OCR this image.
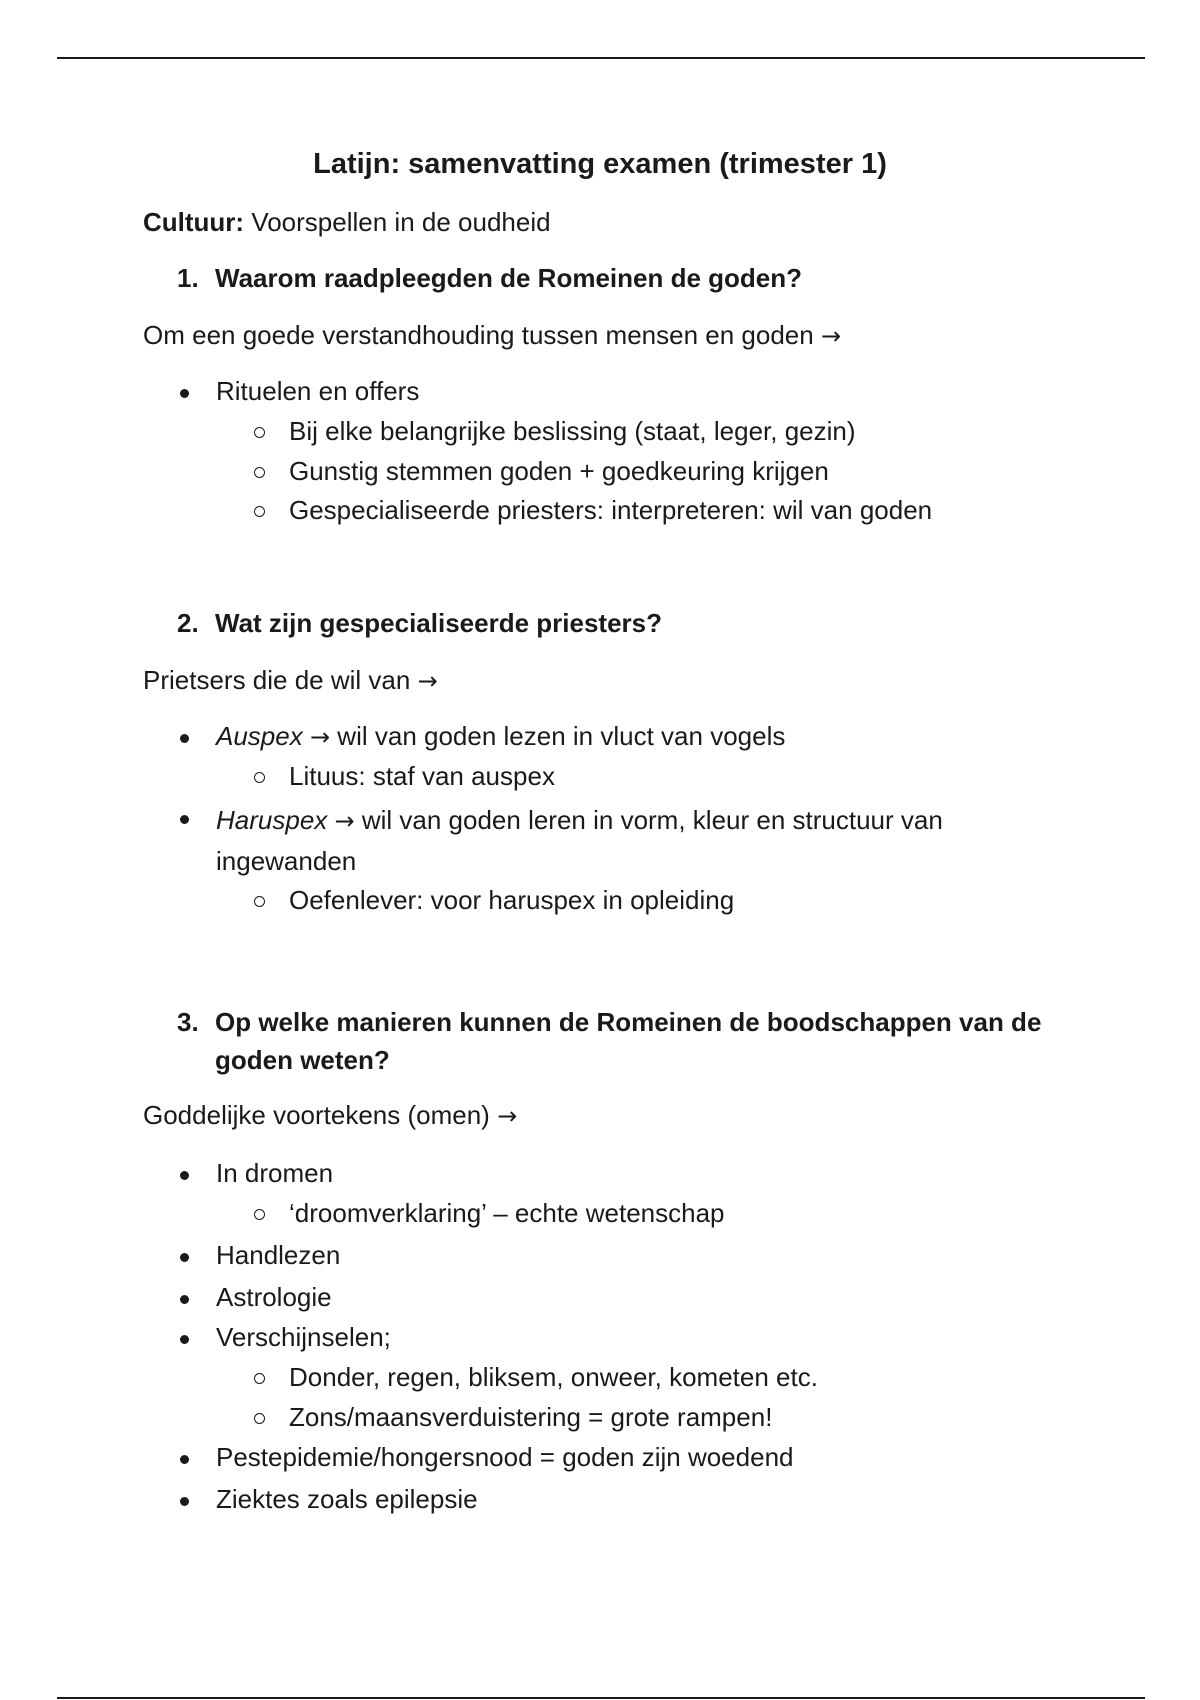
Latijn: samenvatting examen (trimester 1)
Cultuur: Voorspellen in de oudheid
1. Waarom raadpleegden de Romeinen de goden?
Om een goede verstandhouding tussen mensen en goden →
Rituelen en offers
Bij elke belangrijke beslissing (staat, leger, gezin)
Gunstig stemmen goden + goedkeuring krijgen
Gespecialiseerde priesters: interpreteren: wil van goden
2. Wat zijn gespecialiseerde priesters?
Prietsers die de wil van →
Auspex → wil van goden lezen in vluct van vogels
Lituus: staf van auspex
Haruspex → wil van goden leren in vorm, kleur en structuur van ingewanden
Oefenlever: voor haruspex in opleiding
3. Op welke manieren kunnen de Romeinen de boodschappen van de goden weten?
Goddelijke voortekens (omen) →
In dromen
‘droomverklaring’ – echte wetenschap
Handlezen
Astrologie
Verschijnselen;
Donder, regen, bliksem, onweer, kometen etc.
Zons/maansverduistering = grote rampen!
Pestepidemie/hongersnood = goden zijn woedend
Ziektes zoals epilepsie
